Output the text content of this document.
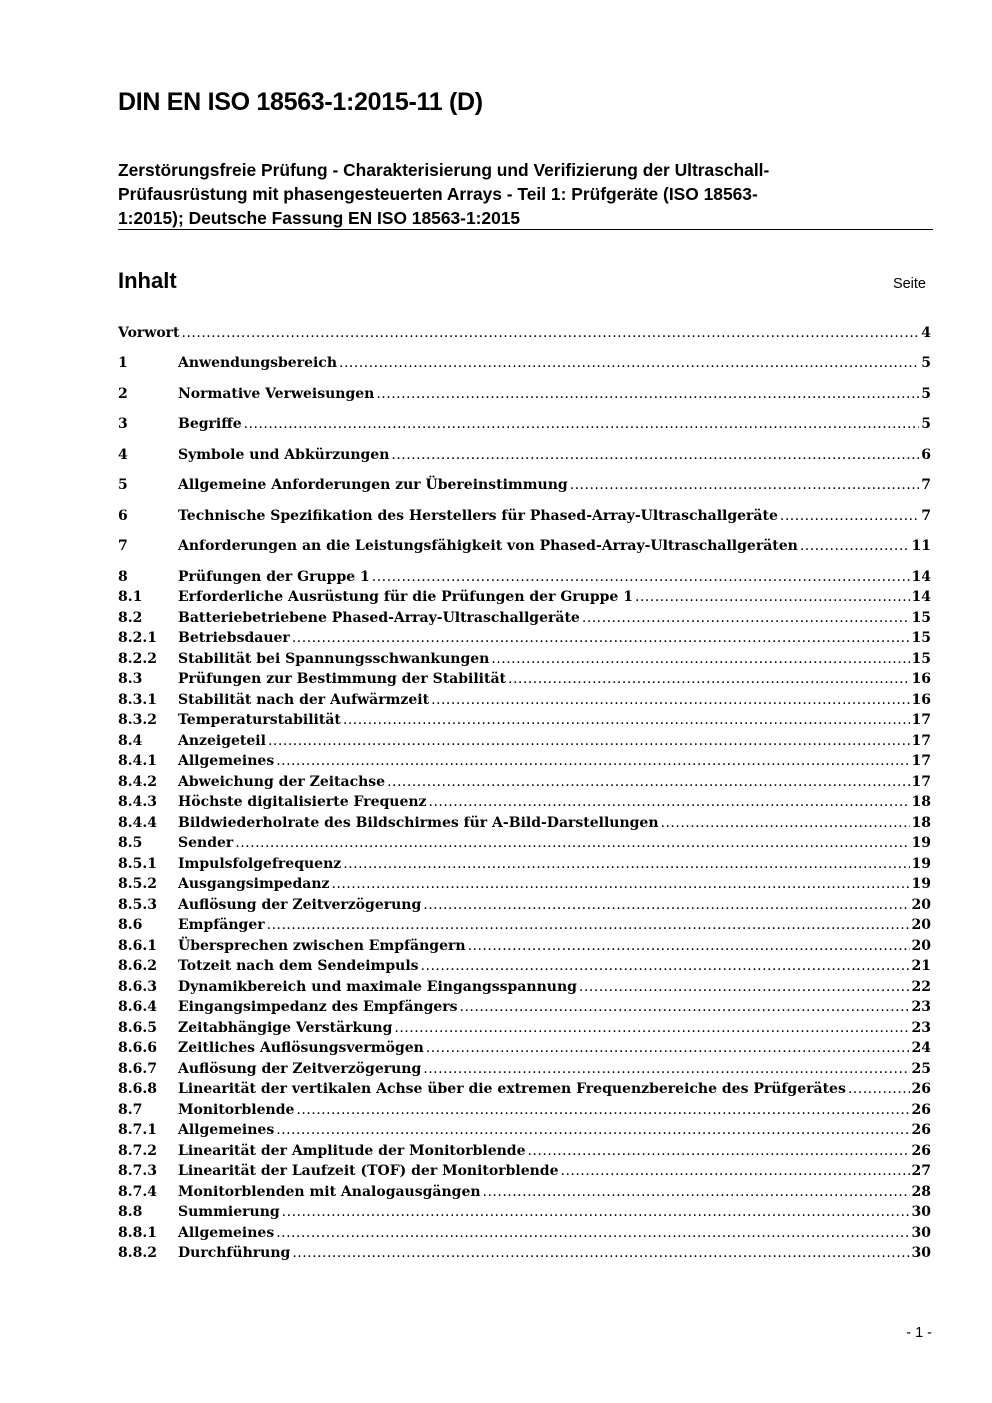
DIN EN ISO 18563-1:2015-11 (D)

Zerstörungsfreie Prüfung - Charakterisierung und Verifizierung der Ultraschall-
Prüfausrüstung mit phasengesteuerten Arrays - Teil 1: Prüfgeräte (ISO 18563-
1:2015); Deutsche Fassung EN ISO 18563-1:2015

Inhalt	Seite
Vorwort .....	4
1	Anwendungsbereich .....	5
2	Normative Verweisungen .....	5
3	Begriffe .....	5
4	Symbole und Abkürzungen .....	6
5	Allgemeine Anforderungen zur Übereinstimmung .....	7
6	Technische Spezifikation des Herstellers für Phased-Array-Ultraschallgeräte .....	7
7	Anforderungen an die Leistungsfähigkeit von Phased-Array-Ultraschallgeräten .....	11
8	Prüfungen der Gruppe 1 .....	14
8.1	Erforderliche Ausrüstung für die Prüfungen der Gruppe 1 .....	14
8.2	Batteriebetriebene Phased-Array-Ultraschallgeräte .....	15
8.2.1	Betriebsdauer .....	15
8.2.2	Stabilität bei Spannungsschwankungen .....	15
8.3	Prüfungen zur Bestimmung der Stabilität .....	16
8.3.1	Stabilität nach der Aufwärmzeit .....	16
8.3.2	Temperaturstabilität .....	17
8.4	Anzeigeteil .....	17
8.4.1	Allgemeines .....	17
8.4.2	Abweichung der Zeitachse .....	17
8.4.3	Höchste digitalisierte Frequenz .....	18
8.4.4	Bildwiederholrate des Bildschirmes für A-Bild-Darstellungen .....	18
8.5	Sender .....	19
8.5.1	Impulsfolgefrequenz .....	19
8.5.2	Ausgangsimpedanz .....	19
8.5.3	Auflösung der Zeitverzögerung .....	20
8.6	Empfänger .....	20
8.6.1	Übersprechen zwischen Empfängern .....	20
8.6.2	Totzeit nach dem Sendeimpuls .....	21
8.6.3	Dynamikbereich und maximale Eingangsspannung .....	22
8.6.4	Eingangsimpedanz des Empfängers .....	23
8.6.5	Zeitabhängige Verstärkung .....	23
8.6.6	Zeitliches Auflösungsvermögen .....	24
8.6.7	Auflösung der Zeitverzögerung .....	25
8.6.8	Linearität der vertikalen Achse über die extremen Frequenzbereiche des Prüfgerätes .....	26
8.7	Monitorblende .....	26
8.7.1	Allgemeines .....	26
8.7.2	Linearität der Amplitude der Monitorblende .....	26
8.7.3	Linearität der Laufzeit (TOF) der Monitorblende .....	27
8.7.4	Monitorblenden mit Analogausgängen .....	28
8.8	Summierung .....	30
8.8.1	Allgemeines .....	30
8.8.2	Durchführung .....	30
- 1 -
